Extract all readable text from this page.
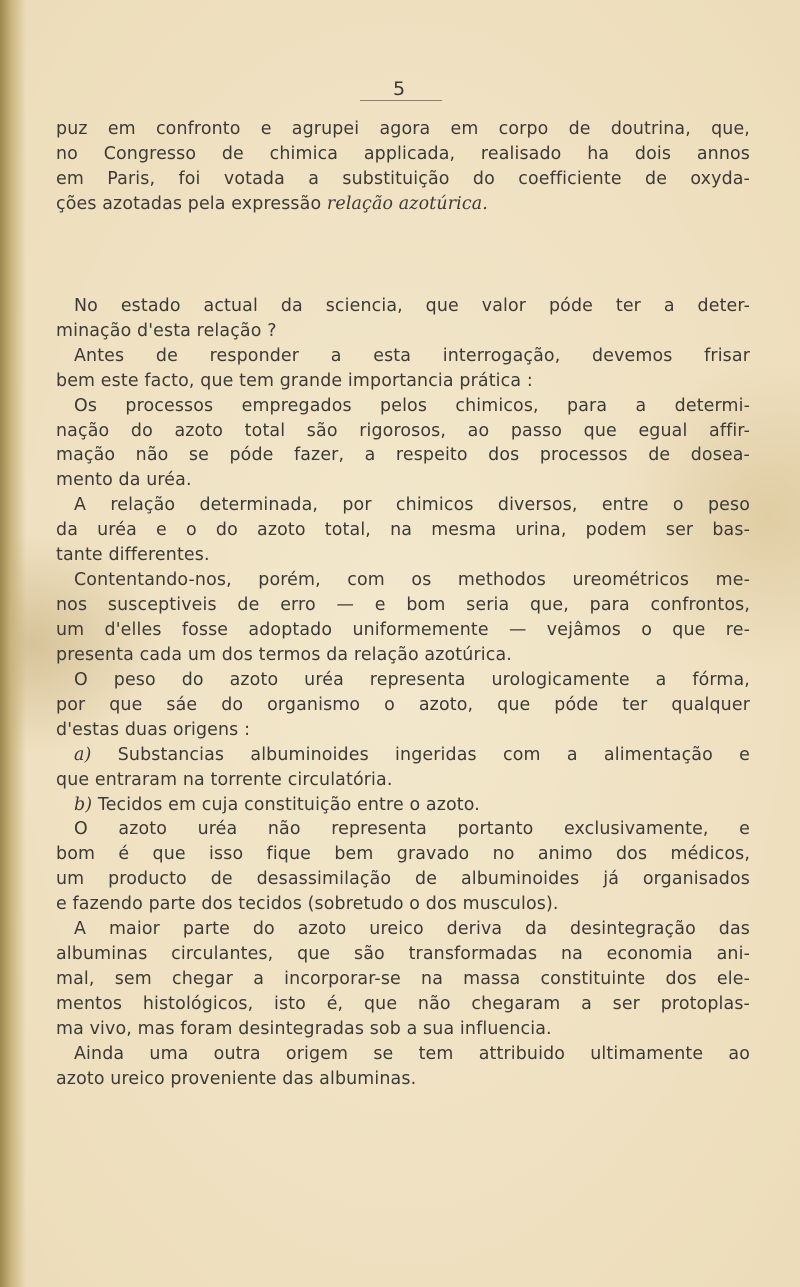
5
puz em confronto e agrupei agora em corpo de doutrina, que,
no Congresso de chimica applicada, realisado ha dois annos
em Paris, foi votada a substituição do coefficiente de oxyda-
ções azotadas pela expressão relação azotúrica.
No estado actual da sciencia, que valor póde ter a deter-
minação d'esta relação ?
Antes de responder a esta interrogação, devemos frisar
bem este facto, que tem grande importancia prática :
Os processos empregados pelos chimicos, para a determi-
nação do azoto total são rigorosos, ao passo que egual affir-
mação não se póde fazer, a respeito dos processos de dosea-
mento da uréa.
A relação determinada, por chimicos diversos, entre o peso
da uréa e o do azoto total, na mesma urina, podem ser bas-
tante differentes.
Contentando-nos, porém, com os methodos ureométricos me-
nos susceptiveis de erro — e bom seria que, para confrontos,
um d'elles fosse adoptado uniformemente — vejâmos o que re-
presenta cada um dos termos da relação azotúrica.
O peso do azoto uréa representa urologicamente a fórma,
por que sáe do organismo o azoto, que póde ter qualquer
d'estas duas origens :
a) Substancias albuminoides ingeridas com a alimentação e
que entraram na torrente circulatória.
b) Tecidos em cuja constituição entre o azoto.
O azoto uréa não representa portanto exclusivamente, e
bom é que isso fique bem gravado no animo dos médicos,
um producto de desassimilação de albuminoides já organisados
e fazendo parte dos tecidos (sobretudo o dos musculos).
A maior parte do azoto ureico deriva da desintegração das
albuminas circulantes, que são transformadas na economia ani-
mal, sem chegar a incorporar-se na massa constituinte dos ele-
mentos histológicos, isto é, que não chegaram a ser protoplas-
ma vivo, mas foram desintegradas sob a sua influencia.
Ainda uma outra origem se tem attribuido ultimamente ao
azoto ureico proveniente das albuminas.
